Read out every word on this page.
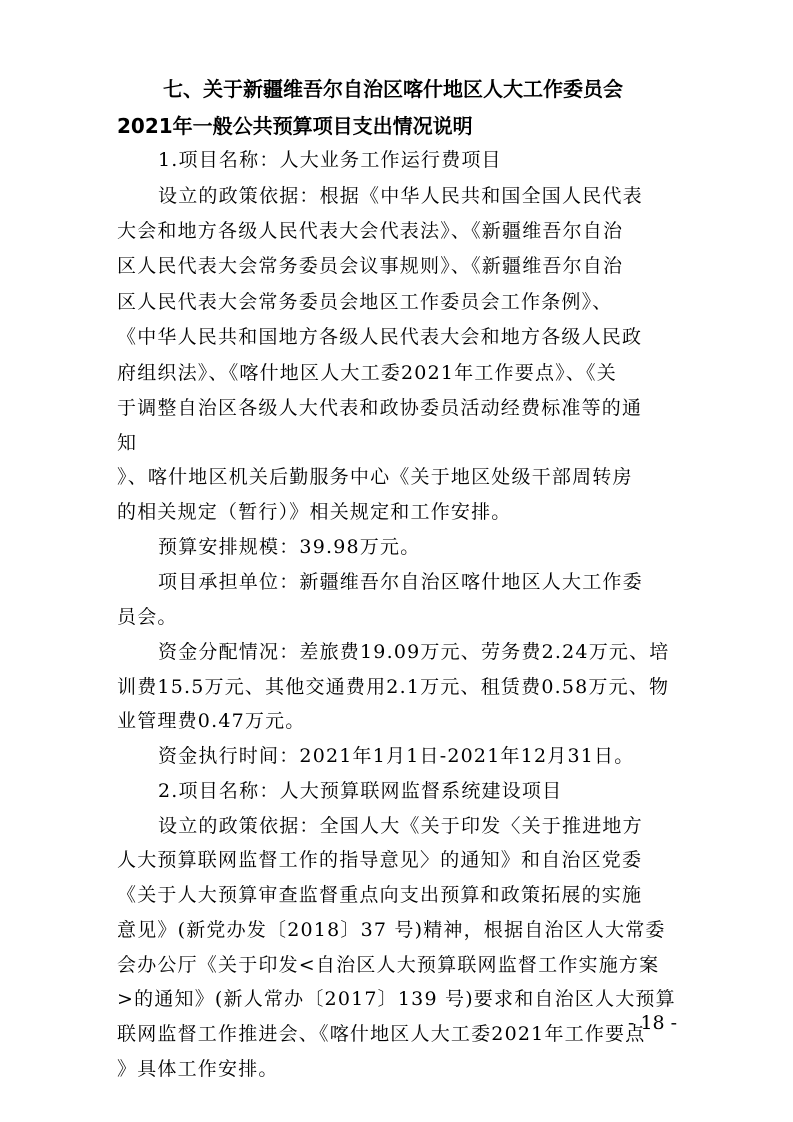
七、关于新疆维吾尔自治区喀什地区人大工作委员会
2021年一般公共预算项目支出情况说明
1.项目名称：人大业务工作运行费项目
设立的政策依据：根据《中华人民共和国全国人民代表
大会和地方各级人民代表大会代表法》、《新疆维吾尔自治
区人民代表大会常务委员会议事规则》、《新疆维吾尔自治
区人民代表大会常务委员会地区工作委员会工作条例》、
《中华人民共和国地方各级人民代表大会和地方各级人民政
府组织法》、《喀什地区人大工委2021年工作要点》、《关
于调整自治区各级人大代表和政协委员活动经费标准等的通
知
》、喀什地区机关后勤服务中心《关于地区处级干部周转房
的相关规定（暂行）》相关规定和工作安排。
预算安排规模：39.98万元。
项目承担单位：新疆维吾尔自治区喀什地区人大工作委
员会。
资金分配情况：差旅费19.09万元、劳务费2.24万元、培
训费15.5万元、其他交通费用2.1万元、租赁费0.58万元、物
业管理费0.47万元。
资金执行时间：2021年1月1日-2021年12月31日。
2.项目名称：人大预算联网监督系统建设项目
设立的政策依据：全国人大《关于印发〈关于推进地方
人大预算联网监督工作的指导意见〉的通知》和自治区党委
《关于人大预算审查监督重点向支出预算和政策拓展的实施
意见》(新党办发〔2018〕37 号)精神，根据自治区人大常委
会办公厅《关于印发<自治区人大预算联网监督工作实施方案
>的通知》(新人常办〔2017〕139 号)要求和自治区人大预算
联网监督工作推进会、《喀什地区人大工委2021年工作要点
》具体工作安排。
- 18 -
